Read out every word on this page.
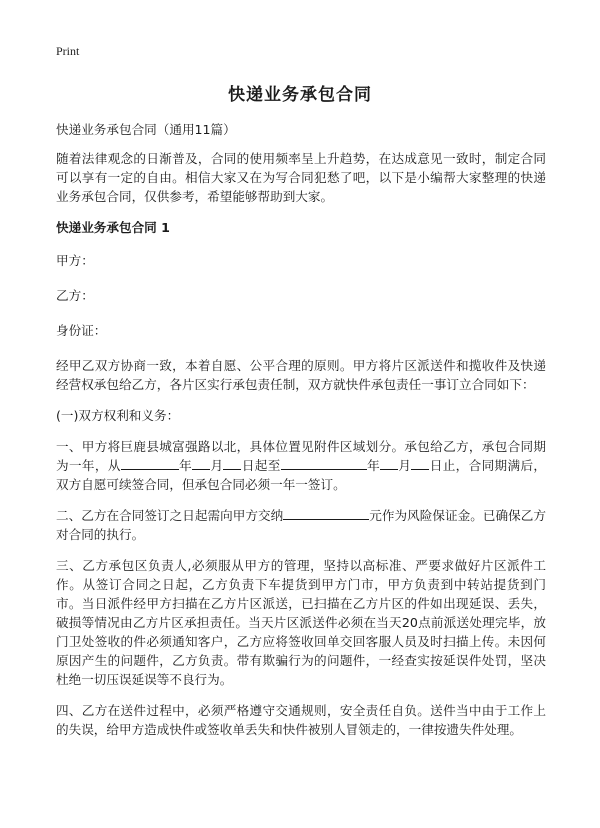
Print
快递业务承包合同

快递业务承包合同（通用11篇）

随着法律观念的日渐普及，合同的使用频率呈上升趋势，在达成意见一致时，制定合同可以享有一定的自由。相信大家又在为写合同犯愁了吧，以下是小编帮大家整理的快递业务承包合同，仅供参考，希望能够帮助到大家。

快递业务承包合同 1

甲方：

乙方：

身份证：

经甲乙双方协商一致，本着自愿、公平合理的原则。甲方将片区派送件和揽收件及快递经营权承包给乙方，各片区实行承包责任制，双方就快件承包责任一事订立合同如下：

(一)双方权利和义务：

一、甲方将巨鹿县城富强路以北，具体位置见附件区域划分。承包给乙方，承包合同期为一年，从	年 月 日起至	年 月 日止，合同期满后，双方自愿可续签合同，但承包合同必须一年一签订。

二、乙方在合同签订之日起需向甲方交纳	元作为风险保证金。已确保乙方对合同的执行。

三、乙方承包区负责人,必须服从甲方的管理，坚持以高标准、严要求做好片区派件工作。从签订合同之日起，乙方负责下车提货到甲方门市，甲方负责到中转站提货到门市。当日派件经甲方扫描在乙方片区派送，已扫描在乙方片区的件如出现延误、丢失，破损等情况由乙方片区承担责任。当天片区派送件必须在当天20点前派送处理完毕，放门卫处签收的件必须通知客户，乙方应将签收回单交回客服人员及时扫描上传。未因何原因产生的问题件，乙方负责。带有欺骗行为的问题件，一经查实按延误件处罚，坚决杜绝一切压误延误等不良行为。

四、乙方在送件过程中，必须严格遵守交通规则，安全责任自负。送件当中由于工作上的失误，给甲方造成快件或签收单丢失和快件被别人冒领走的，一律按遗失件处理。
